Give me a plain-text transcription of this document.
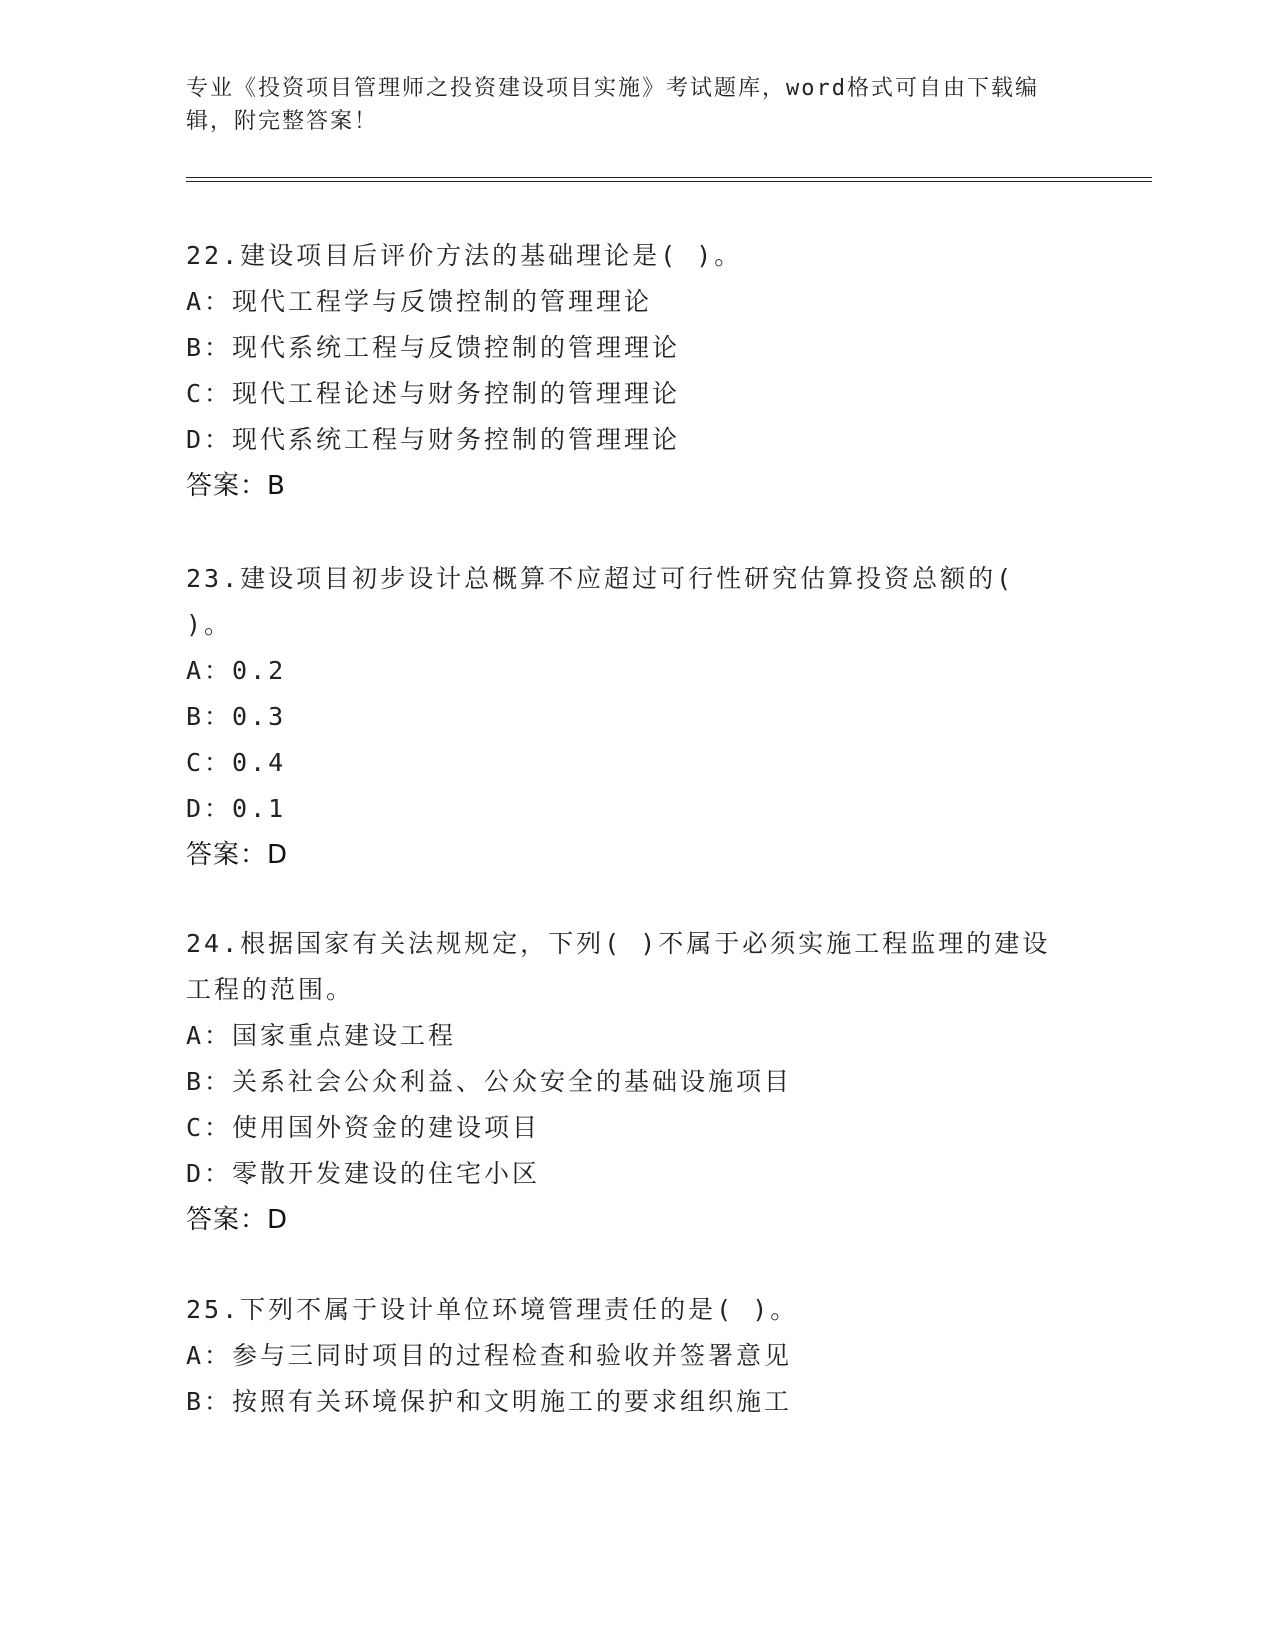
专业《投资项目管理师之投资建设项目实施》考试题库，word格式可自由下载编辑，附完整答案！
22.建设项目后评价方法的基础理论是( )。
A：现代工程学与反馈控制的管理理论
B：现代系统工程与反馈控制的管理理论
C：现代工程论述与财务控制的管理理论
D：现代系统工程与财务控制的管理理论
答案：B
23.建设项目初步设计总概算不应超过可行性研究估算投资总额的( )。
A：0.2
B：0.3
C：0.4
D：0.1
答案：D
24.根据国家有关法规规定，下列( )不属于必须实施工程监理的建设工程的范围。
A：国家重点建设工程
B：关系社会公众利益、公众安全的基础设施项目
C：使用国外资金的建设项目
D：零散开发建设的住宅小区
答案：D
25.下列不属于设计单位环境管理责任的是( )。
A：参与三同时项目的过程检查和验收并签署意见
B：按照有关环境保护和文明施工的要求组织施工
